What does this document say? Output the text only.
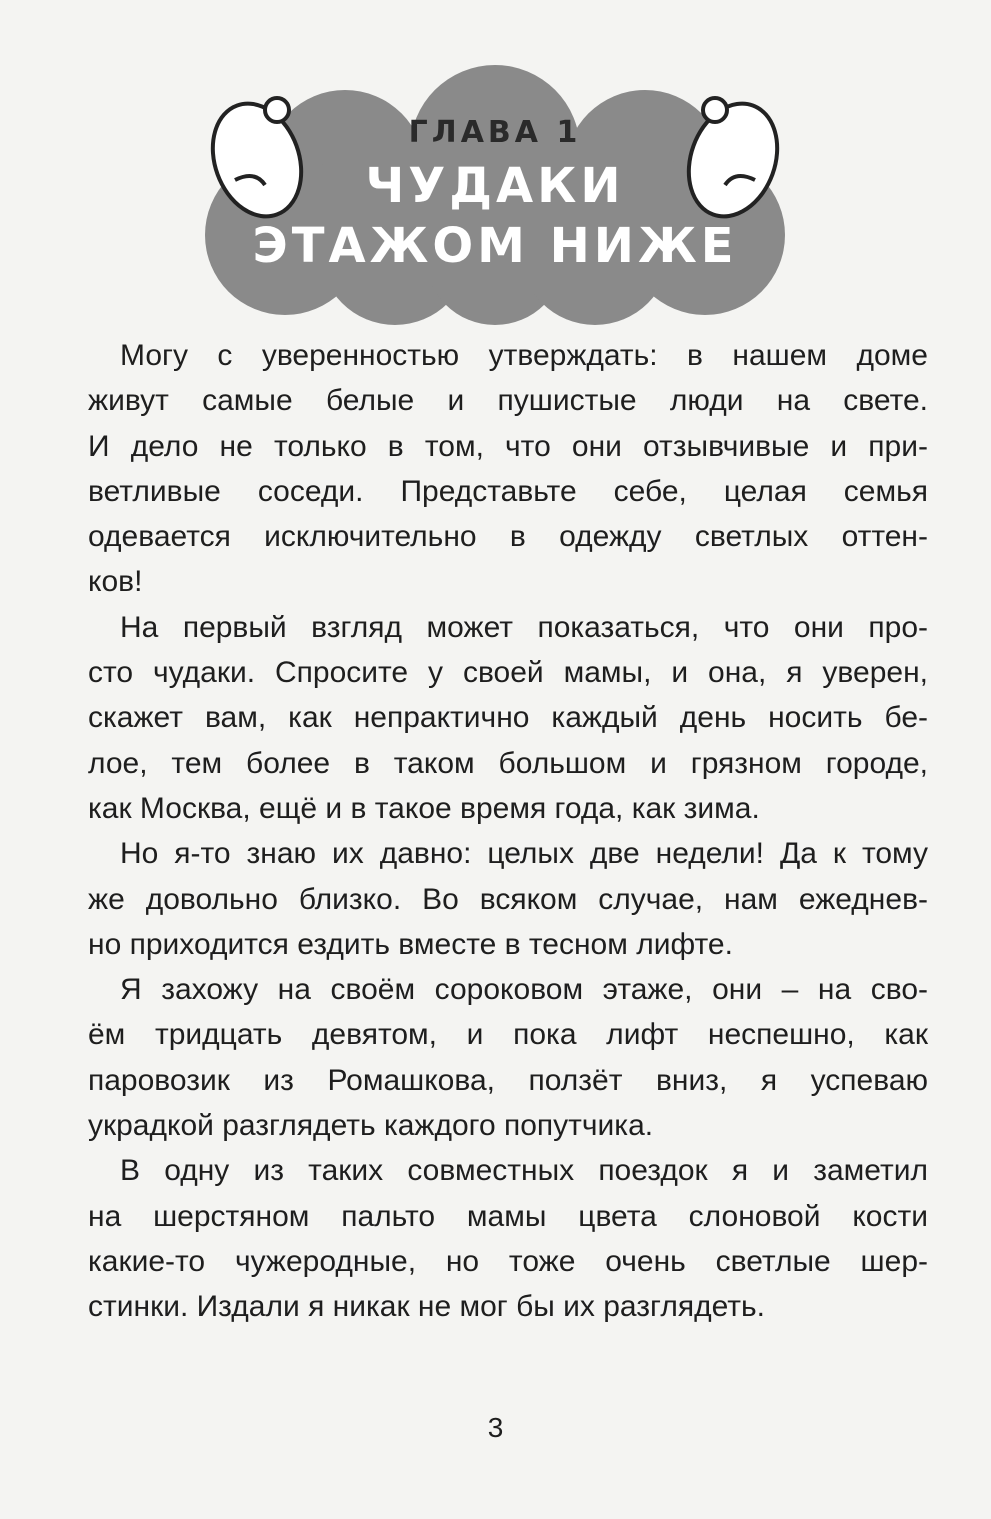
ГЛАВА 1
ЧУДАКИ
ЭТАЖОМ НИЖЕ
Могу с уверенностью утверждать: в нашем доме
живут самые белые и пушистые люди на свете.
И дело не только в том, что они отзывчивые и при-
ветливые соседи. Представьте себе, целая семья
одевается исключительно в одежду светлых оттен-
ков!
На первый взгляд может показаться, что они про-
сто чудаки. Спросите у своей мамы, и она, я уверен,
скажет вам, как непрактично каждый день носить бе-
лое, тем более в таком большом и грязном городе,
как Москва, ещё и в такое время года, как зима.
Но я-то знаю их давно: целых две недели! Да к тому
же довольно близко. Во всяком случае, нам ежеднев-
но приходится ездить вместе в тесном лифте.
Я захожу на своём сороковом этаже, они – на сво-
ём тридцать девятом, и пока лифт неспешно, как
паровозик из Ромашкова, ползёт вниз, я успеваю
украдкой разглядеть каждого попутчика.
В одну из таких совместных поездок я и заметил
на шерстяном пальто мамы цвета слоновой кости
какие-то чужеродные, но тоже очень светлые шер-
стинки. Издали я никак не мог бы их разглядеть.
3
